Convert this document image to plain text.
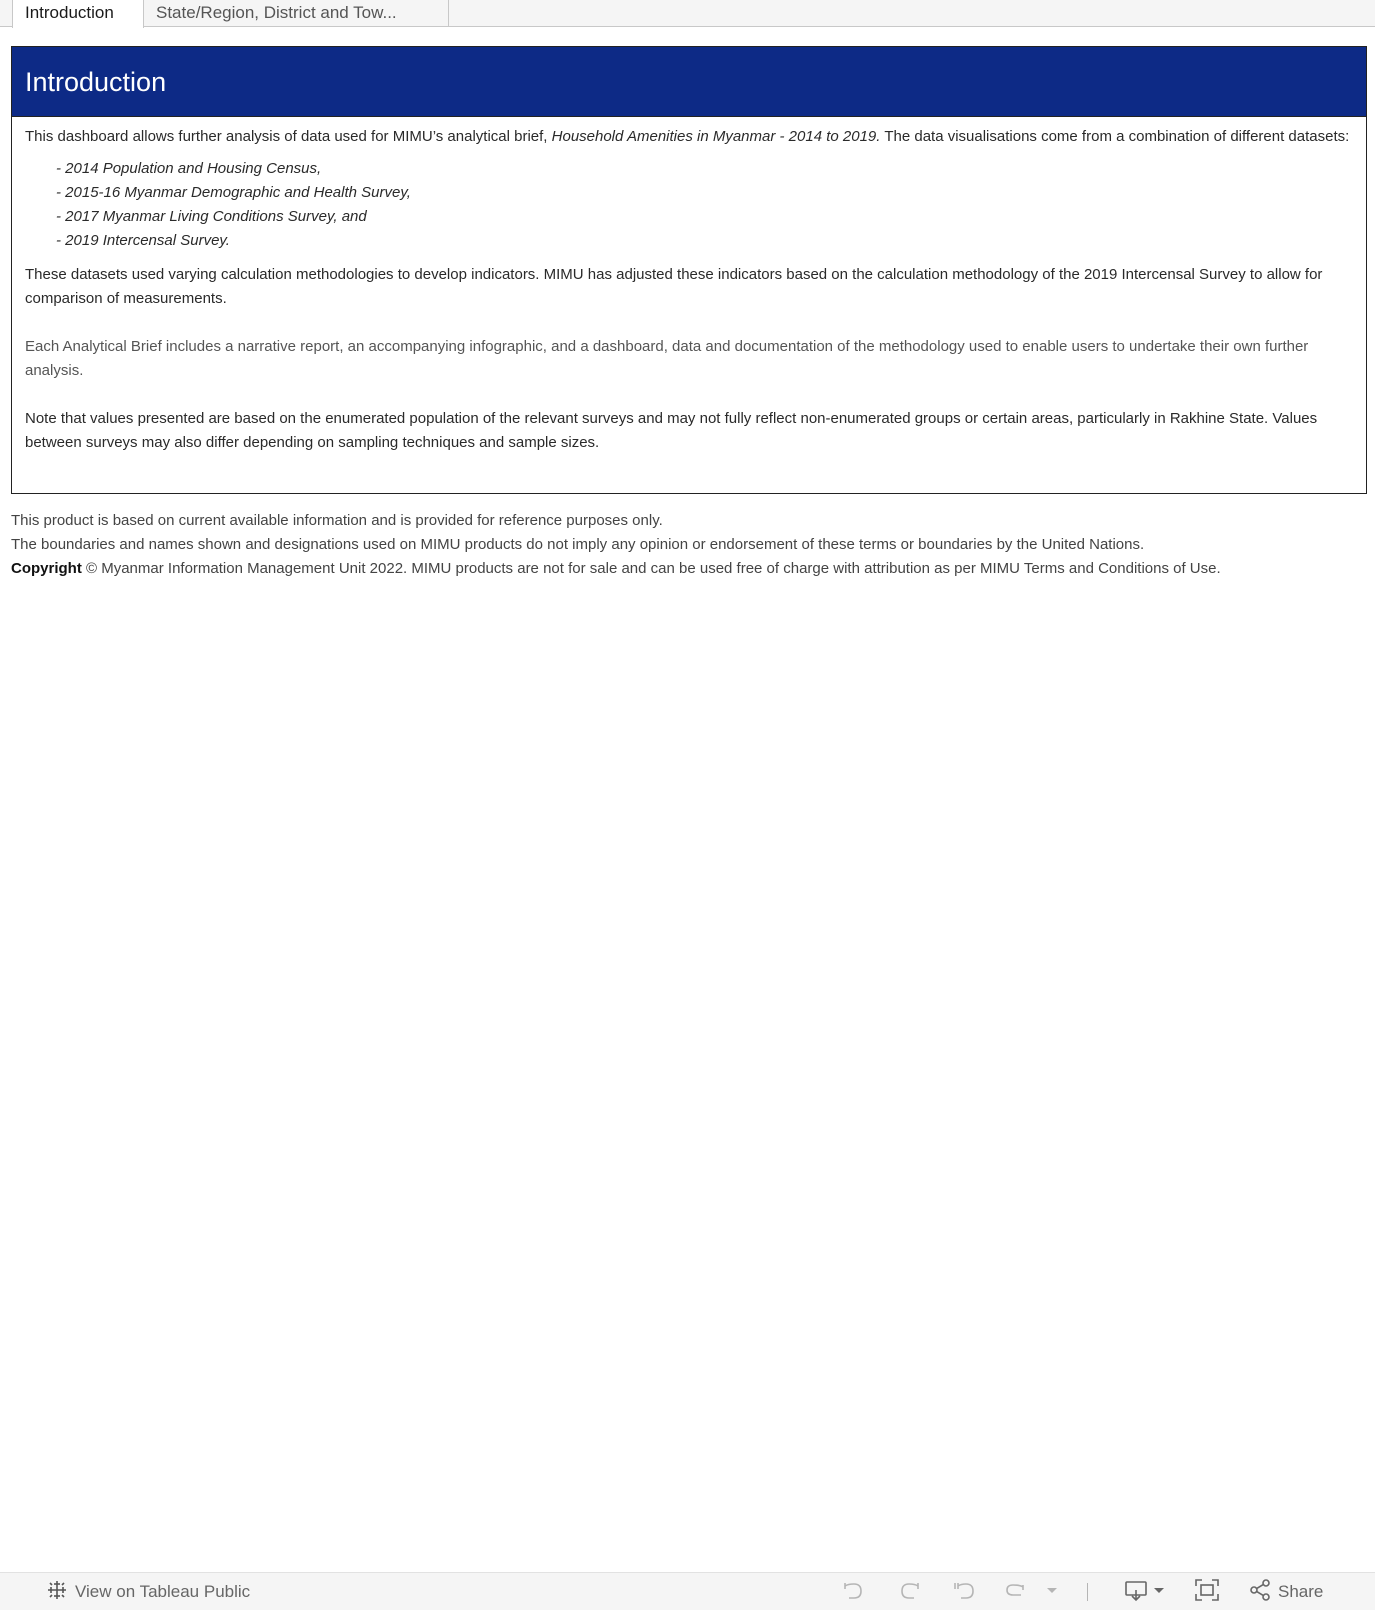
Introduction	State/Region, District and Tow...
Introduction

This dashboard allows further analysis of data used for MIMU’s analytical brief, Household Amenities in Myanmar - 2014 to 2019. The data visualisations come from a combination of different datasets:

- 2014 Population and Housing Census,
- 2015-16 Myanmar Demographic and Health Survey,
- 2017 Myanmar Living Conditions Survey, and
- 2019 Intercensal Survey.

These datasets used varying calculation methodologies to develop indicators. MIMU has adjusted these indicators based on the calculation methodology of the 2019 Intercensal Survey to allow for comparison of measurements.

Each Analytical Brief includes a narrative report, an accompanying infographic, and a dashboard, data and documentation of the methodology used to enable users to undertake their own further analysis.

Note that values presented are based on the enumerated population of the relevant surveys and may not fully reflect non-enumerated groups or certain areas, particularly in Rakhine State. Values between surveys may also differ depending on sampling techniques and sample sizes.

This product is based on current available information and is provided for reference purposes only.

The boundaries and names shown and designations used on MIMU products do not imply any opinion or endorsement of these terms or boundaries by the United Nations.

Copyright © Myanmar Information Management Unit 2022. MIMU products are not for sale and can be used free of charge with attribution as per MIMU Terms and Conditions of Use.

View on Tableau Public	Share
